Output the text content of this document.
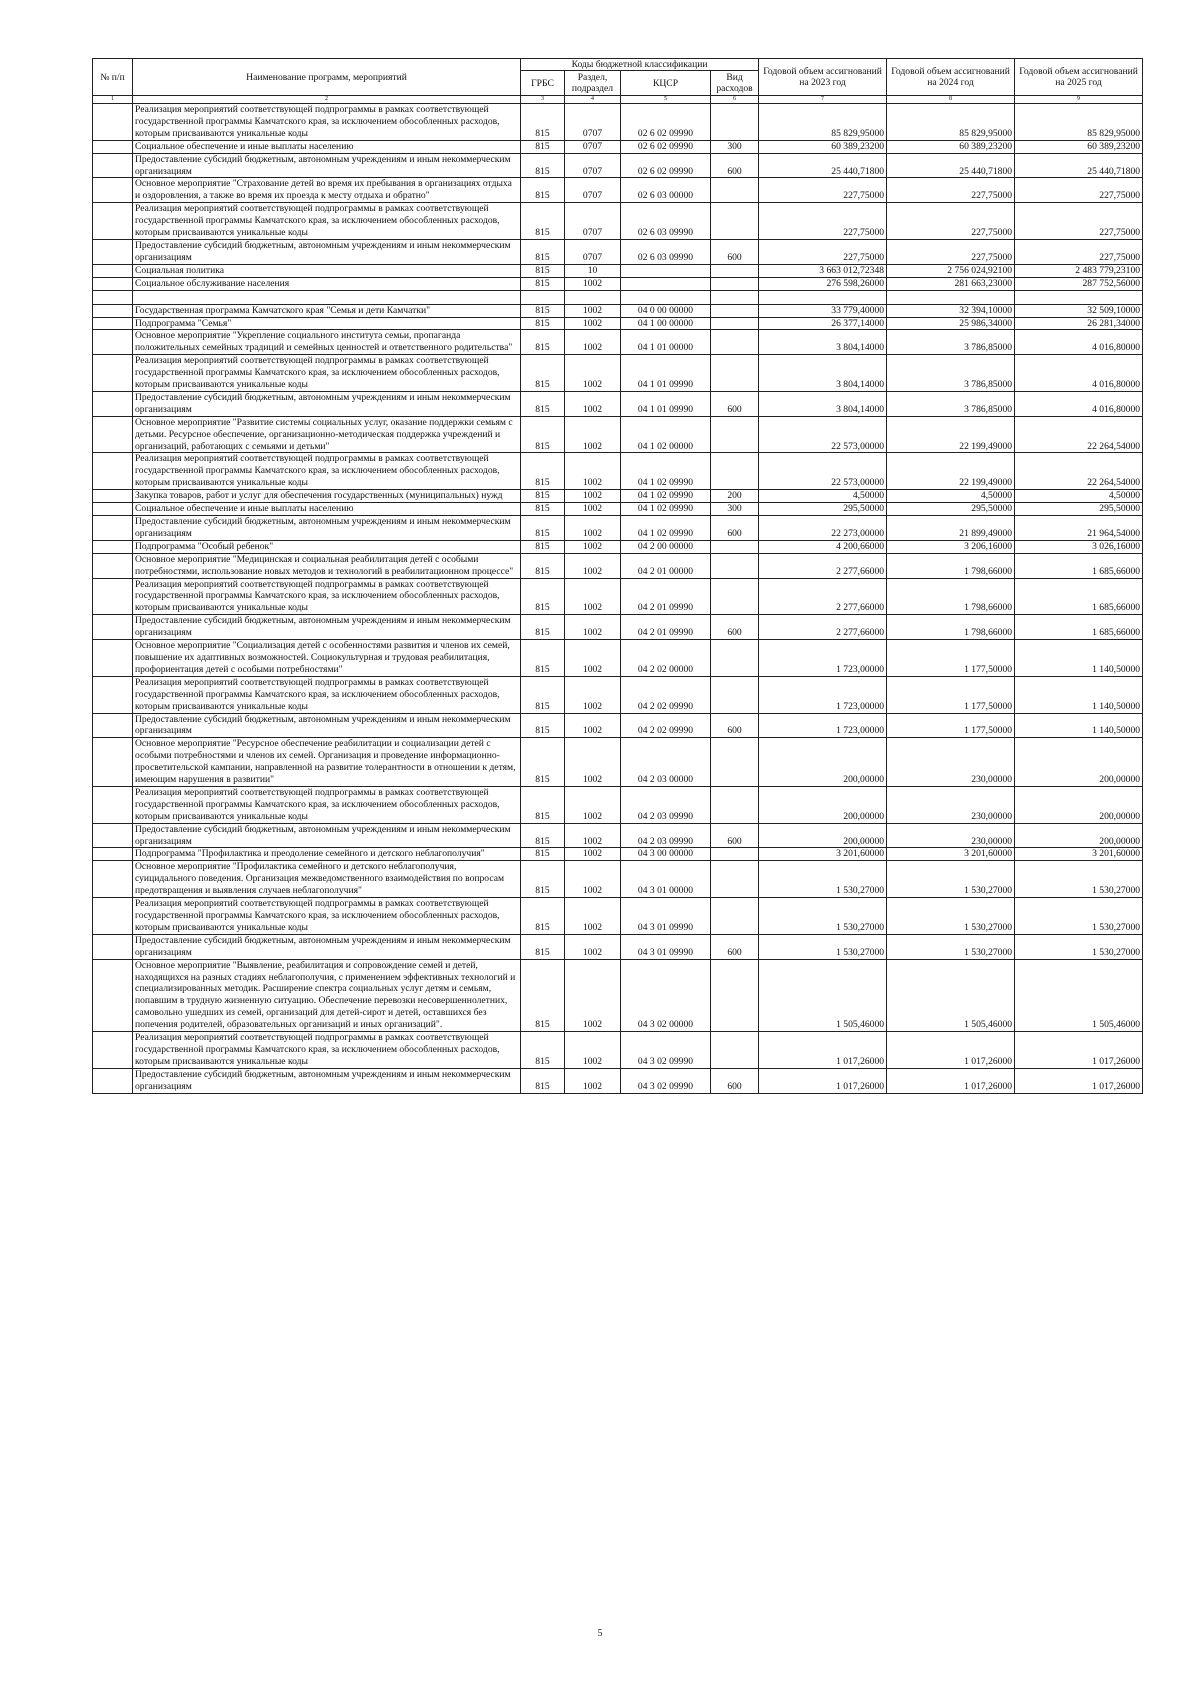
№ п/п	Наименование программ, мероприятий	Коды бюджетной классификации				Годовой объем ассигнований на 2023 год	Годовой объем ассигнований на 2024 год	Годовой объем ассигнований на 2025 год
		ГРБС	Раздел, подраздел	КЦСР	Вид расходов			
1	2	3	4	5	6	7	8	9
	Реализация мероприятий соответствующей подпрограммы в рамках соответствующей государственной программы Камчатского края, за исключением обособленных расходов, которым присваиваются уникальные коды	815	0707	02 6 02 09990		85 829,95000	85 829,95000	85 829,95000
	Социальное обеспечение и иные выплаты населению	815	0707	02 6 02 09990	300	60 389,23200	60 389,23200	60 389,23200
	Предоставление субсидий бюджетным, автономным учреждениям и иным некоммерческим организациям	815	0707	02 6 02 09990	600	25 440,71800	25 440,71800	25 440,71800
	Основное мероприятие "Страхование детей во время их пребывания в организациях отдыха и оздоровления, а также во время их проезда к месту отдыха и обратно"	815	0707	02 6 03 00000		227,75000	227,75000	227,75000
	Реализация мероприятий соответствующей подпрограммы в рамках соответствующей государственной программы Камчатского края, за исключением обособленных расходов, которым присваиваются уникальные коды	815	0707	02 6 03 09990		227,75000	227,75000	227,75000
	Предоставление субсидий бюджетным, автономным учреждениям и иным некоммерческим организациям	815	0707	02 6 03 09990	600	227,75000	227,75000	227,75000
	Социальная политика	815	10			3 663 012,72348	2 756 024,92100	2 483 779,23100
	Социальное обслуживание населения	815	1002			276 598,26000	281 663,23000	287 752,56000

	Государственная программа Камчатского края "Семья и дети Камчатки"	815	1002	04 0 00 00000		33 779,40000	32 394,10000	32 509,10000
	Подпрограмма "Семья"	815	1002	04 1 00 00000		26 377,14000	25 986,34000	26 281,34000
	Основное мероприятие "Укрепление социального института семьи, пропаганда положительных семейных традиций и семейных ценностей и ответственного родительства"	815	1002	04 1 01 00000		3 804,14000	3 786,85000	4 016,80000
	Реализация мероприятий соответствующей подпрограммы в рамках соответствующей государственной программы Камчатского края, за исключением обособленных расходов, которым присваиваются уникальные коды	815	1002	04 1 01 09990		3 804,14000	3 786,85000	4 016,80000
	Предоставление субсидий бюджетным, автономным учреждениям и иным некоммерческим организациям	815	1002	04 1 01 09990	600	3 804,14000	3 786,85000	4 016,80000
	Основное мероприятие "Развитие системы социальных услуг, оказание поддержки семьям с детьми. Ресурсное обеспечение, организационно-методическая поддержка учреждений и организаций, работающих с семьями и детьми"	815	1002	04 1 02 00000		22 573,00000	22 199,49000	22 264,54000
	Реализация мероприятий соответствующей подпрограммы в рамках соответствующей государственной программы Камчатского края, за исключением обособленных расходов, которым присваиваются уникальные коды	815	1002	04 1 02 09990		22 573,00000	22 199,49000	22 264,54000
	Закупка товаров, работ и услуг для обеспечения государственных (муниципальных) нужд	815	1002	04 1 02 09990	200	4,50000	4,50000	4,50000
	Социальное обеспечение и иные выплаты населению	815	1002	04 1 02 09990	300	295,50000	295,50000	295,50000
	Предоставление субсидий бюджетным, автономным учреждениям и иным некоммерческим организациям	815	1002	04 1 02 09990	600	22 273,00000	21 899,49000	21 964,54000
	Подпрограмма "Особый ребенок"	815	1002	04 2 00 00000		4 200,66000	3 206,16000	3 026,16000
	Основное мероприятие "Медицинская и социальная реабилитация детей с особыми потребностями, использование новых методов и технологий в реабилитационном процессе"	815	1002	04 2 01 00000		2 277,66000	1 798,66000	1 685,66000
	Реализация мероприятий соответствующей подпрограммы в рамках соответствующей государственной программы Камчатского края, за исключением обособленных расходов, которым присваиваются уникальные коды	815	1002	04 2 01 09990		2 277,66000	1 798,66000	1 685,66000
	Предоставление субсидий бюджетным, автономным учреждениям и иным некоммерческим организациям	815	1002	04 2 01 09990	600	2 277,66000	1 798,66000	1 685,66000
	Основное мероприятие "Социализация детей с особенностями развития и членов их семей, повышение их адаптивных возможностей. Социокультурная и трудовая реабилитация, профориентация детей с особыми потребностями"	815	1002	04 2 02 00000		1 723,00000	1 177,50000	1 140,50000
	Реализация мероприятий соответствующей подпрограммы в рамках соответствующей государственной программы Камчатского края, за исключением обособленных расходов, которым присваиваются уникальные коды	815	1002	04 2 02 09990		1 723,00000	1 177,50000	1 140,50000
	Предоставление субсидий бюджетным, автономным учреждениям и иным некоммерческим организациям	815	1002	04 2 02 09990	600	1 723,00000	1 177,50000	1 140,50000
	Основное мероприятие "Ресурсное обеспечение реабилитации и социализации детей с особыми потребностями и членов их семей. Организация и проведение информационно-просветительской кампании, направленной на развитие толерантности в отношении к детям, имеющим нарушения в развитии"	815	1002	04 2 03 00000		200,00000	230,00000	200,00000
	Реализация мероприятий соответствующей подпрограммы в рамках соответствующей государственной программы Камчатского края, за исключением обособленных расходов, которым присваиваются уникальные коды	815	1002	04 2 03 09990		200,00000	230,00000	200,00000
	Предоставление субсидий бюджетным, автономным учреждениям и иным некоммерческим организациям	815	1002	04 2 03 09990	600	200,00000	230,00000	200,00000
	Подпрограмма "Профилактика и преодоление семейного и детского неблагополучия"	815	1002	04 3 00 00000		3 201,60000	3 201,60000	3 201,60000
	Основное мероприятие "Профилактика семейного и детского неблагополучия, суицидального поведения. Организация межведомственного взаимодействия по вопросам предотвращения и выявления случаев неблагополучия"	815	1002	04 3 01 00000		1 530,27000	1 530,27000	1 530,27000
	Реализация мероприятий соответствующей подпрограммы в рамках соответствующей государственной программы Камчатского края, за исключением обособленных расходов, которым присваиваются уникальные коды	815	1002	04 3 01 09990		1 530,27000	1 530,27000	1 530,27000
	Предоставление субсидий бюджетным, автономным учреждениям и иным некоммерческим организациям	815	1002	04 3 01 09990	600	1 530,27000	1 530,27000	1 530,27000
	Основное мероприятие "Выявление, реабилитация и сопровождение семей и детей, находящихся на разных стадиях неблагополучия, с применением эффективных технологий и специализированных методик. Расширение спектра социальных услуг детям и семьям, попавшим в трудную жизненную ситуацию. Обеспечение перевозки несовершеннолетних, самовольно ушедших из семей, организаций для детей-сирот и детей, оставшихся без попечения родителей, образовательных организаций и иных организаций".	815	1002	04 3 02 00000		1 505,46000	1 505,46000	1 505,46000
	Реализация мероприятий соответствующей подпрограммы в рамках соответствующей государственной программы Камчатского края, за исключением обособленных расходов, которым присваиваются уникальные коды	815	1002	04 3 02 09990		1 017,26000	1 017,26000	1 017,26000
	Предоставление субсидий бюджетным, автономным учреждениям и иным некоммерческим организациям	815	1002	04 3 02 09990	600	1 017,26000	1 017,26000	1 017,26000
5
